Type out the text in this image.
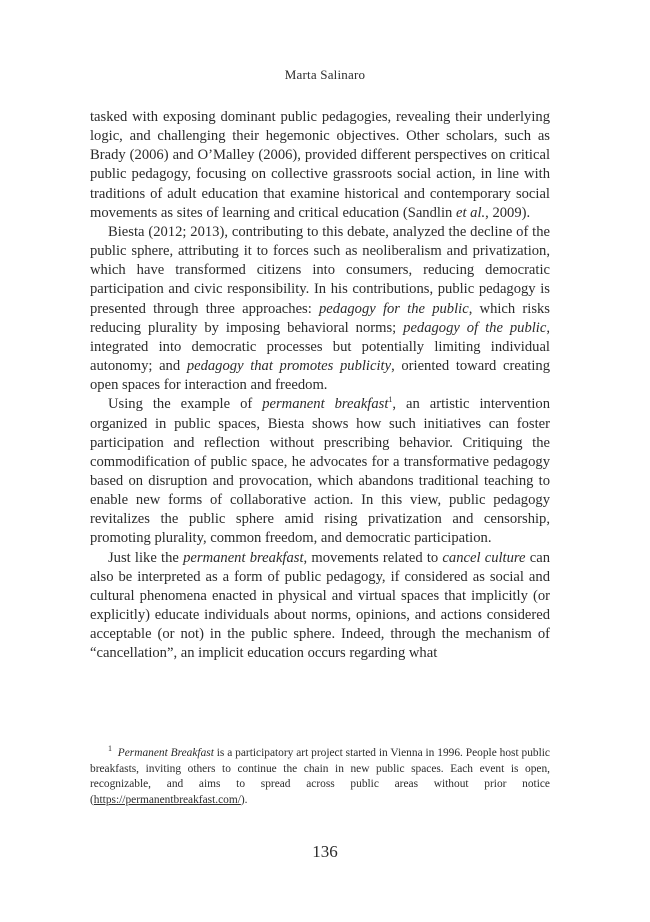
Marta Salinaro

tasked with exposing dominant public pedagogies, revealing their underlying logic, and challenging their hegemonic objectives. Other scholars, such as Brady (2006) and O’Malley (2006), provided different perspectives on critical public pedagogy, focusing on collective grassroots social action, in line with traditions of adult education that examine historical and contemporary social movements as sites of learning and critical education (Sandlin et al., 2009).

Biesta (2012; 2013), contributing to this debate, analyzed the decline of the public sphere, attributing it to forces such as neoliberalism and privatization, which have transformed citizens into consumers, reducing democratic participation and civic responsibility. In his contributions, public pedagogy is presented through three approaches: pedagogy for the public, which risks reducing plurality by imposing behavioral norms; pedagogy of the public, integrated into democratic processes but potentially limiting individual autonomy; and pedagogy that promotes publicity, oriented toward creating open spaces for interaction and freedom.

Using the example of permanent breakfast$^1$, an artistic intervention organized in public spaces, Biesta shows how such initiatives can foster participation and reflection without prescribing behavior. Critiquing the commodification of public space, he advocates for a transformative pedagogy based on disruption and provocation, which abandons traditional teaching to enable new forms of collaborative action. In this view, public pedagogy revitalizes the public sphere amid rising privatization and censorship, promoting plurality, common freedom, and democratic participation.

Just like the permanent breakfast, movements related to cancel culture can also be interpreted as a form of public pedagogy, if considered as social and cultural phenomena enacted in physical and virtual spaces that implicitly (or explicitly) educate individuals about norms, opinions, and actions considered acceptable (or not) in the public sphere. Indeed, through the mechanism of “cancellation”, an implicit education occurs regarding what

$^1$ Permanent Breakfast is a participatory art project started in Vienna in 1996. People host public breakfasts, inviting others to continue the chain in new public spaces. Each event is open, recognizable, and aims to spread across public areas without prior notice (https://permanentbreakfast.com/).

136
